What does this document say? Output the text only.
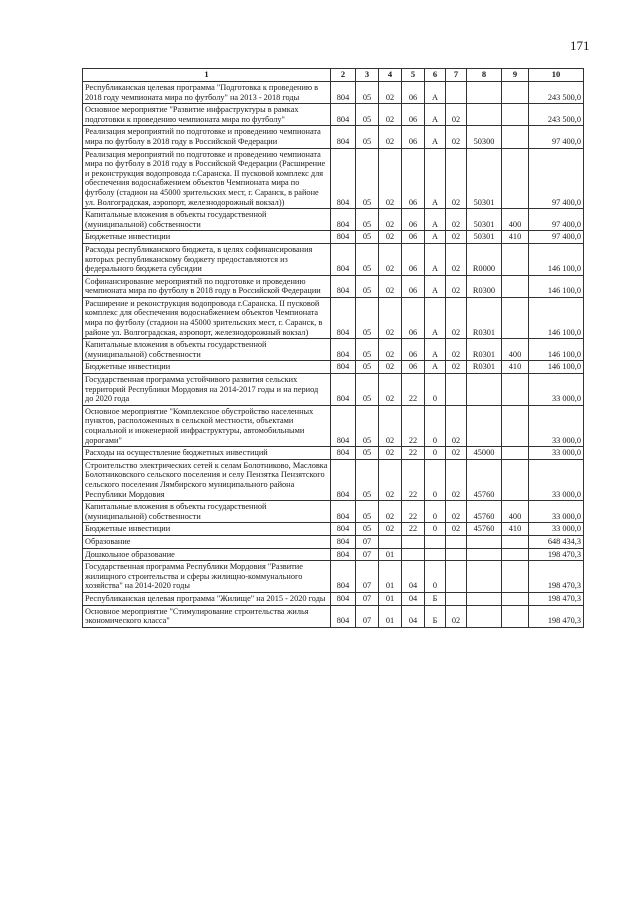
171
1	2	3	4	5	6	7	8	9	10
Республиканская целевая программа "Подготовка к проведению в 2018 году чемпионата мира по футболу" на 2013 - 2018 годы	804	05	02	06	А				243 500,0
Основное мероприятие "Развитие инфраструктуры в рамках подготовки к проведению чемпионата мира по футболу"	804	05	02	06	А	02			243 500,0
Реализация мероприятий по подготовке и проведению чемпионата мира по футболу в 2018 году в Российской Федерации	804	05	02	06	А	02	50300		97 400,0
Реализация мероприятий по подготовке и проведению чемпионата мира по футболу в 2018 году в Российской Федерации (Расширение и реконструкция водопровода г.Саранска. II пусковой комплекс для обеспечения водоснабжением объектов Чемпионата мира по футболу (стадион на 45000 зрительских мест, г. Саранск, в районе ул. Волгоградская, аэропорт, железнодорожный вокзал))	804	05	02	06	А	02	50301		97 400,0
Капитальные вложения в объекты государственной (муниципальной) собственности	804	05	02	06	А	02	50301	400	97 400,0
Бюджетные инвестиции	804	05	02	06	А	02	50301	410	97 400,0
Расходы республиканского бюджета, в целях софинансирования которых республиканскому бюджету предоставляются из федерального бюджета субсидии	804	05	02	06	А	02	R0000		146 100,0
Софинансирование мероприятий по подготовке и проведению чемпионата мира по футболу в 2018 году в Российской Федерации	804	05	02	06	А	02	R0300		146 100,0
Расширение и реконструкция водопровода г.Саранска. II пусковой комплекс для обеспечения водоснабжением объектов Чемпионата мира по футболу (стадион на 45000 зрительских мест, г. Саранск, в районе ул. Волгоградская, аэропорт, железнодорожный вокзал)	804	05	02	06	А	02	R0301		146 100,0
Капитальные вложения в объекты государственной (муниципальной) собственности	804	05	02	06	А	02	R0301	400	146 100,0
Бюджетные инвестиции	804	05	02	06	А	02	R0301	410	146 100,0
Государственная программа устойчивого развития сельских территорий Республики Мордовия на 2014-2017 годы и на период до 2020 года	804	05	02	22	0				33 000,0
Основное мероприятие "Комплексное обустройство населенных пунктов, расположенных в сельской местности, объектами социальной и инженерной инфраструктуры, автомобильными дорогами"	804	05	02	22	0	02			33 000,0
Расходы на осуществление бюджетных инвестиций	804	05	02	22	0	02	45000		33 000,0
Строительство электрических сетей к селам Болотниково, Масловка Болотниковского сельского поселения и селу Пензятка Пензятского сельского поселения Лямбирского муниципального района Республики Мордовия	804	05	02	22	0	02	45760		33 000,0
Капитальные вложения в объекты государственной (муниципальной) собственности	804	05	02	22	0	02	45760	400	33 000,0
Бюджетные инвестиции	804	05	02	22	0	02	45760	410	33 000,0
Образование	804	07							648 434,3
Дошкольное образование	804	07	01						198 470,3
Государственная программа Республики Мордовия "Развитие жилищного строительства и сферы жилищно-коммунального хозяйства" на 2014-2020 годы	804	07	01	04	0				198 470,3
Республиканская целевая программа "Жилище" на 2015 - 2020 годы	804	07	01	04	Б				198 470,3
Основное мероприятие "Стимулирование строительства жилья экономического класса"	804	07	01	04	Б	02			198 470,3
